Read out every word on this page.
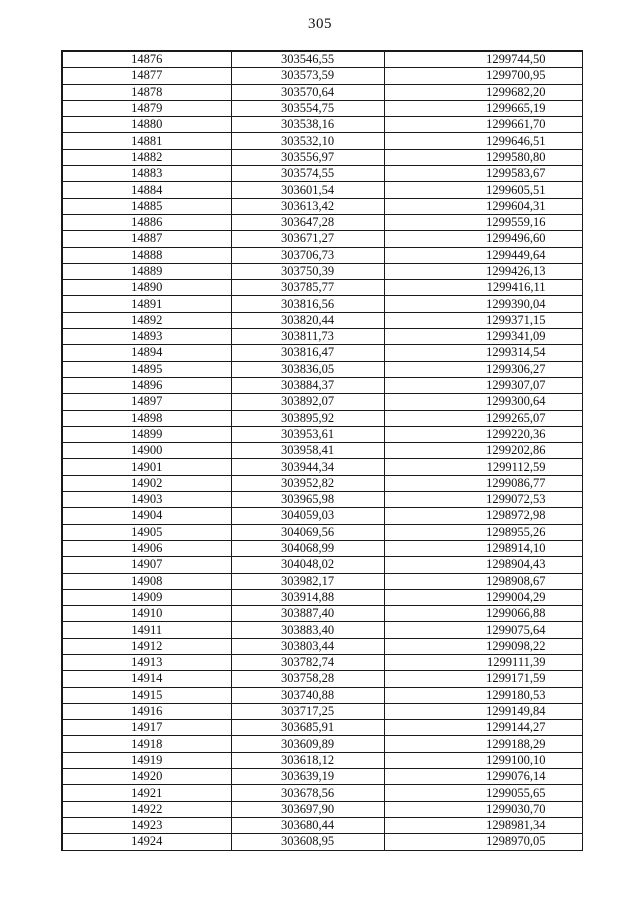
305
14876	303546,55	1299744,50
14877	303573,59	1299700,95
14878	303570,64	1299682,20
14879	303554,75	1299665,19
14880	303538,16	1299661,70
14881	303532,10	1299646,51
14882	303556,97	1299580,80
14883	303574,55	1299583,67
14884	303601,54	1299605,51
14885	303613,42	1299604,31
14886	303647,28	1299559,16
14887	303671,27	1299496,60
14888	303706,73	1299449,64
14889	303750,39	1299426,13
14890	303785,77	1299416,11
14891	303816,56	1299390,04
14892	303820,44	1299371,15
14893	303811,73	1299341,09
14894	303816,47	1299314,54
14895	303836,05	1299306,27
14896	303884,37	1299307,07
14897	303892,07	1299300,64
14898	303895,92	1299265,07
14899	303953,61	1299220,36
14900	303958,41	1299202,86
14901	303944,34	1299112,59
14902	303952,82	1299086,77
14903	303965,98	1299072,53
14904	304059,03	1298972,98
14905	304069,56	1298955,26
14906	304068,99	1298914,10
14907	304048,02	1298904,43
14908	303982,17	1298908,67
14909	303914,88	1299004,29
14910	303887,40	1299066,88
14911	303883,40	1299075,64
14912	303803,44	1299098,22
14913	303782,74	1299111,39
14914	303758,28	1299171,59
14915	303740,88	1299180,53
14916	303717,25	1299149,84
14917	303685,91	1299144,27
14918	303609,89	1299188,29
14919	303618,12	1299100,10
14920	303639,19	1299076,14
14921	303678,56	1299055,65
14922	303697,90	1299030,70
14923	303680,44	1298981,34
14924	303608,95	1298970,05
